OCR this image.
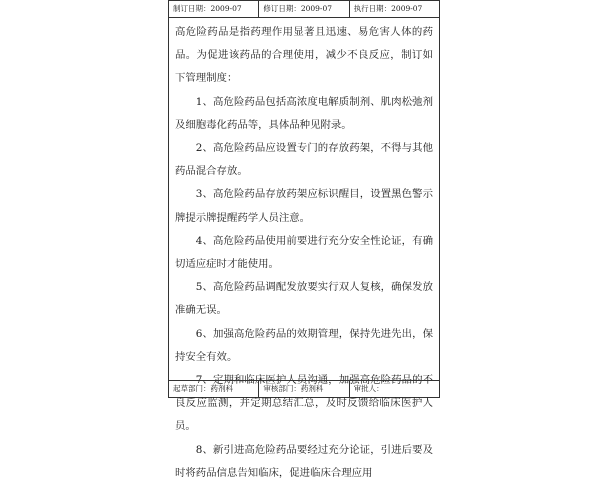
制订日期：2009-07	修订日期：2009-07	执行日期：2009-07

高危险药品是指药理作用显著且迅速、易危害人体的药品。为促进该药品的合理使用，减少不良反应，制订如下管理制度：

1、高危险药品包括高浓度电解质制剂、肌肉松弛剂及细胞毒化药品等，具体品种见附录。

2、高危险药品应设置专门的存放药架，不得与其他药品混合存放。

3、高危险药品存放药架应标识醒目，设置黑色警示牌提示牌提醒药学人员注意。

4、高危险药品使用前要进行充分安全性论证，有确切适应症时才能使用。

5、高危险药品调配发放要实行双人复核，确保发放准确无误。

6、加强高危险药品的效期管理，保持先进先出，保持安全有效。

7、定期和临床医护人员沟通，加强高危险药品的不良反应监测，并定期总结汇总，及时反馈给临床医护人员。

8、新引进高危险药品要经过充分论证，引进后要及时将药品信息告知临床，促进临床合理应用

起草部门：药剂科	审核部门：药剂科	审批人：
